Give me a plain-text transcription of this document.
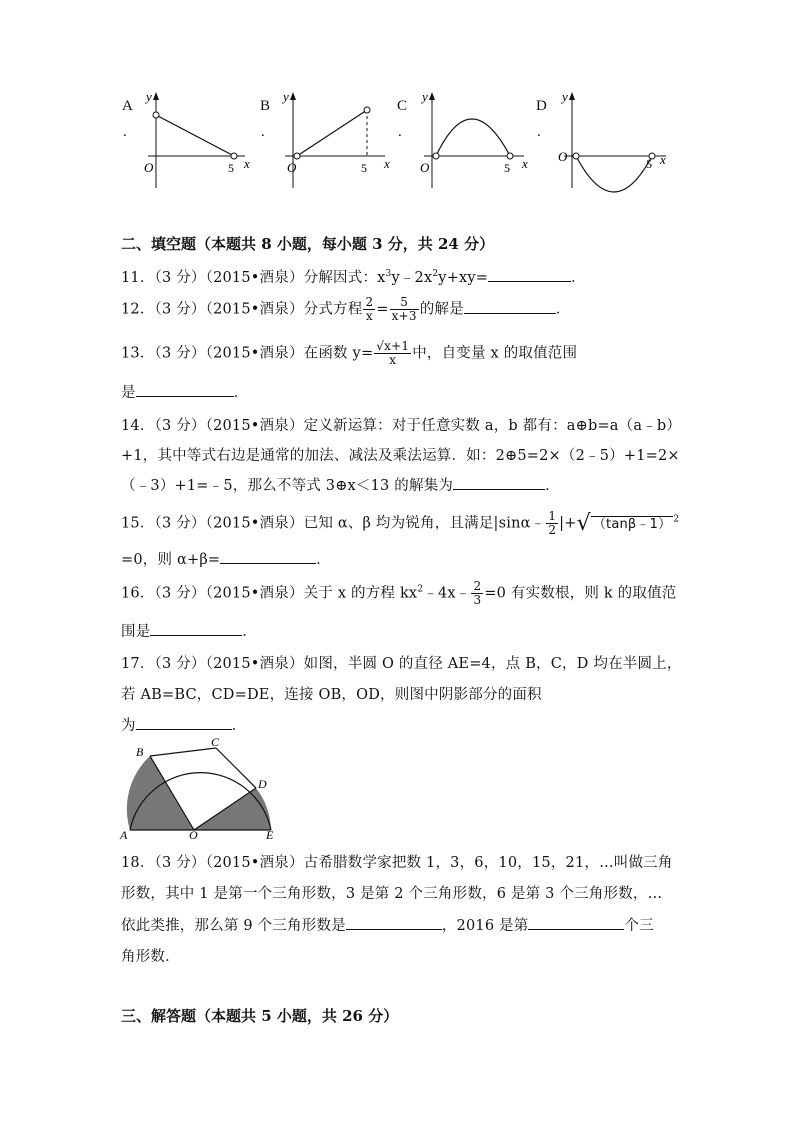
A
.
y
O	5 x
B
.
y
O	5 x
C
.
y
O	5 x
D
.
y
O	5 x
二、填空题（本题共 8 小题，每小题 3 分，共 24 分）
11．（3 分）（2015•酒泉）分解因式：$x^3y﹣2x^2y+xy=$	．
12．（3 分）（2015•酒泉）分式方程 $\frac{2}{x} = \frac{5}{x+3}$ 的解是	．
13．（3 分）（2015•酒泉）在函数 $y= \frac{√x+1}{x}$ 中，自变量 x 的取值范围
是	．
14．（3 分）（2015•酒泉）定义新运算：对于任意实数 a，b 都有：a⊕b=a（a﹣b）
+1，其中等式右边是通常的加法、减法及乘法运算．如：2⊕5=2×（2﹣5）+1=2×
（﹣3）+1=﹣5，那么不等式 3⊕x＜13 的解集为	．
15．（3 分）（2015•酒泉）已知 α、β 均为锐角，且满足|sinα﹣ $\frac{1}{2}$ |+√ （tanβ﹣1） $^2$
=0，则 α+β=	．
16．（3 分）（2015•酒泉）关于 x 的方程 $kx^2﹣4x﹣ \frac{2}{3} =0$ 有实数根，则 k 的取值范
围是	．
17．（3 分）（2015•酒泉）如图，半圆 O 的直径 AE=4，点 B，C，D 均在半圆上，
若 AB=BC，CD=DE，连接 OB，OD，则图中阴影部分的面积
为	．
A
B
C
D
E
O
18．（3 分）（2015•酒泉）古希腊数学家把数 1，3，6，10，15，21，…叫做三角
形数，其中 1 是第一个三角形数，3 是第 2 个三角形数，6 是第 3 个三角形数，…
依此类推，那么第 9 个三角形数是	，2016 是第	个三
角形数．
三、解答题（本题共 5 小题，共 26 分）
